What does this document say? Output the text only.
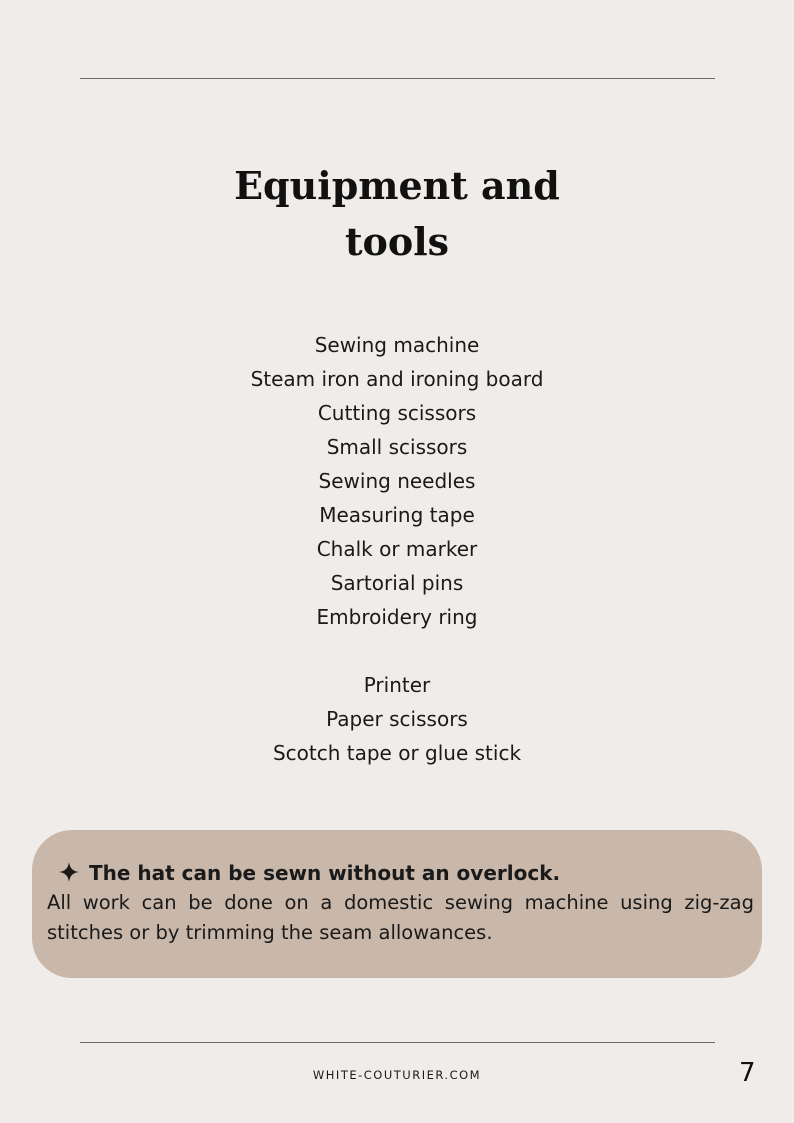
Equipment and
tools
Sewing machine
Steam iron and ironing board
Cutting scissors
Small scissors
Sewing needles
Measuring tape
Chalk or marker
Sartorial pins
Embroidery ring
Printer
Paper scissors
Scotch tape or glue stick
The hat can be sewn without an overlock.
All work can be done on a domestic sewing machine using zig-zag stitches or by trimming the seam allowances.
WHITE-COUTURIER.COM	7
